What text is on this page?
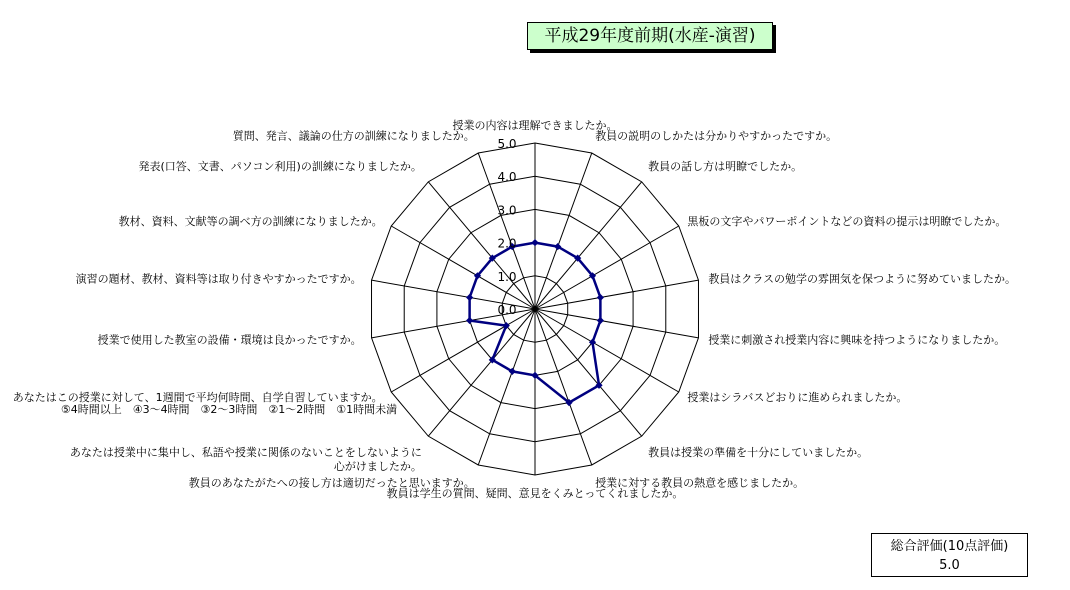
平成29年度前期(水産-演習)
0.0
1.0
2.0
3.0
4.0
5.0
授業の内容は理解できましたか。
教員の説明のしかたは分かりやすかったですか。
教員の話し方は明瞭でしたか。
黒板の文字やパワーポイントなどの資料の提示は明瞭でしたか。
教員はクラスの勉学の雰囲気を保つように努めていましたか。
授業に刺激され授業内容に興味を持つようになりましたか。
授業はシラバスどおりに進められましたか。
教員は授業の準備を十分にしていましたか。
授業に対する教員の熱意を感じましたか。
教員は学生の質問、疑問、意見をくみとってくれましたか。
教員のあなたがたへの接し方は適切だったと思いますか。
あなたは授業中に集中し、私語や授業に関係のないことをしないように
心がけましたか。
あなたはこの授業に対して、1週間で平均何時間、自学自習していますか。
授業で使用した教室の設備・環境は良かったですか。
演習の題材、教材、資料等は取り付きやすかったですか。
教材、資料、文献等の調べ方の訓練になりましたか。
発表(口答、文書、パソコン利用)の訓練になりましたか。
質問、発言、議論の仕方の訓練になりましたか。
⑤4時間以上　④3～4時間　③2～3時間　②1～2時間　①1時間未満
総合評価(10点評価)
5.0
